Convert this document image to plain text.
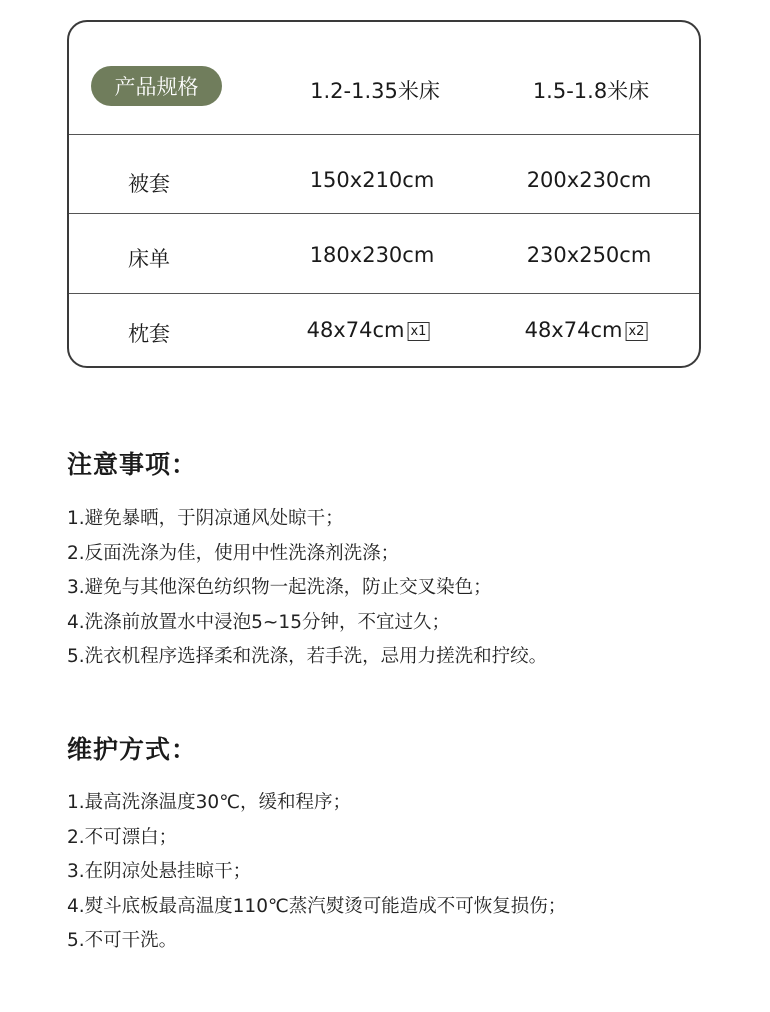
产品规格	1.2-1.35米床	1.5-1.8米床
被套	150x210cm	200x230cm
床单	180x230cm	230x250cm
枕套	48x74cm x1	48x74cm x2
注意事项：
1.避免暴晒，于阴凉通风处晾干；
2.反面洗涤为佳，使用中性洗涤剂洗涤；
3.避免与其他深色纺织物一起洗涤，防止交叉染色；
4.洗涤前放置水中浸泡5~15分钟，不宜过久；
5.洗衣机程序选择柔和洗涤，若手洗，忌用力搓洗和拧绞。
维护方式：
1.最高洗涤温度30℃，缓和程序；
2.不可漂白；
3.在阴凉处悬挂晾干；
4.熨斗底板最高温度110℃蒸汽熨烫可能造成不可恢复损伤；
5.不可干洗。
